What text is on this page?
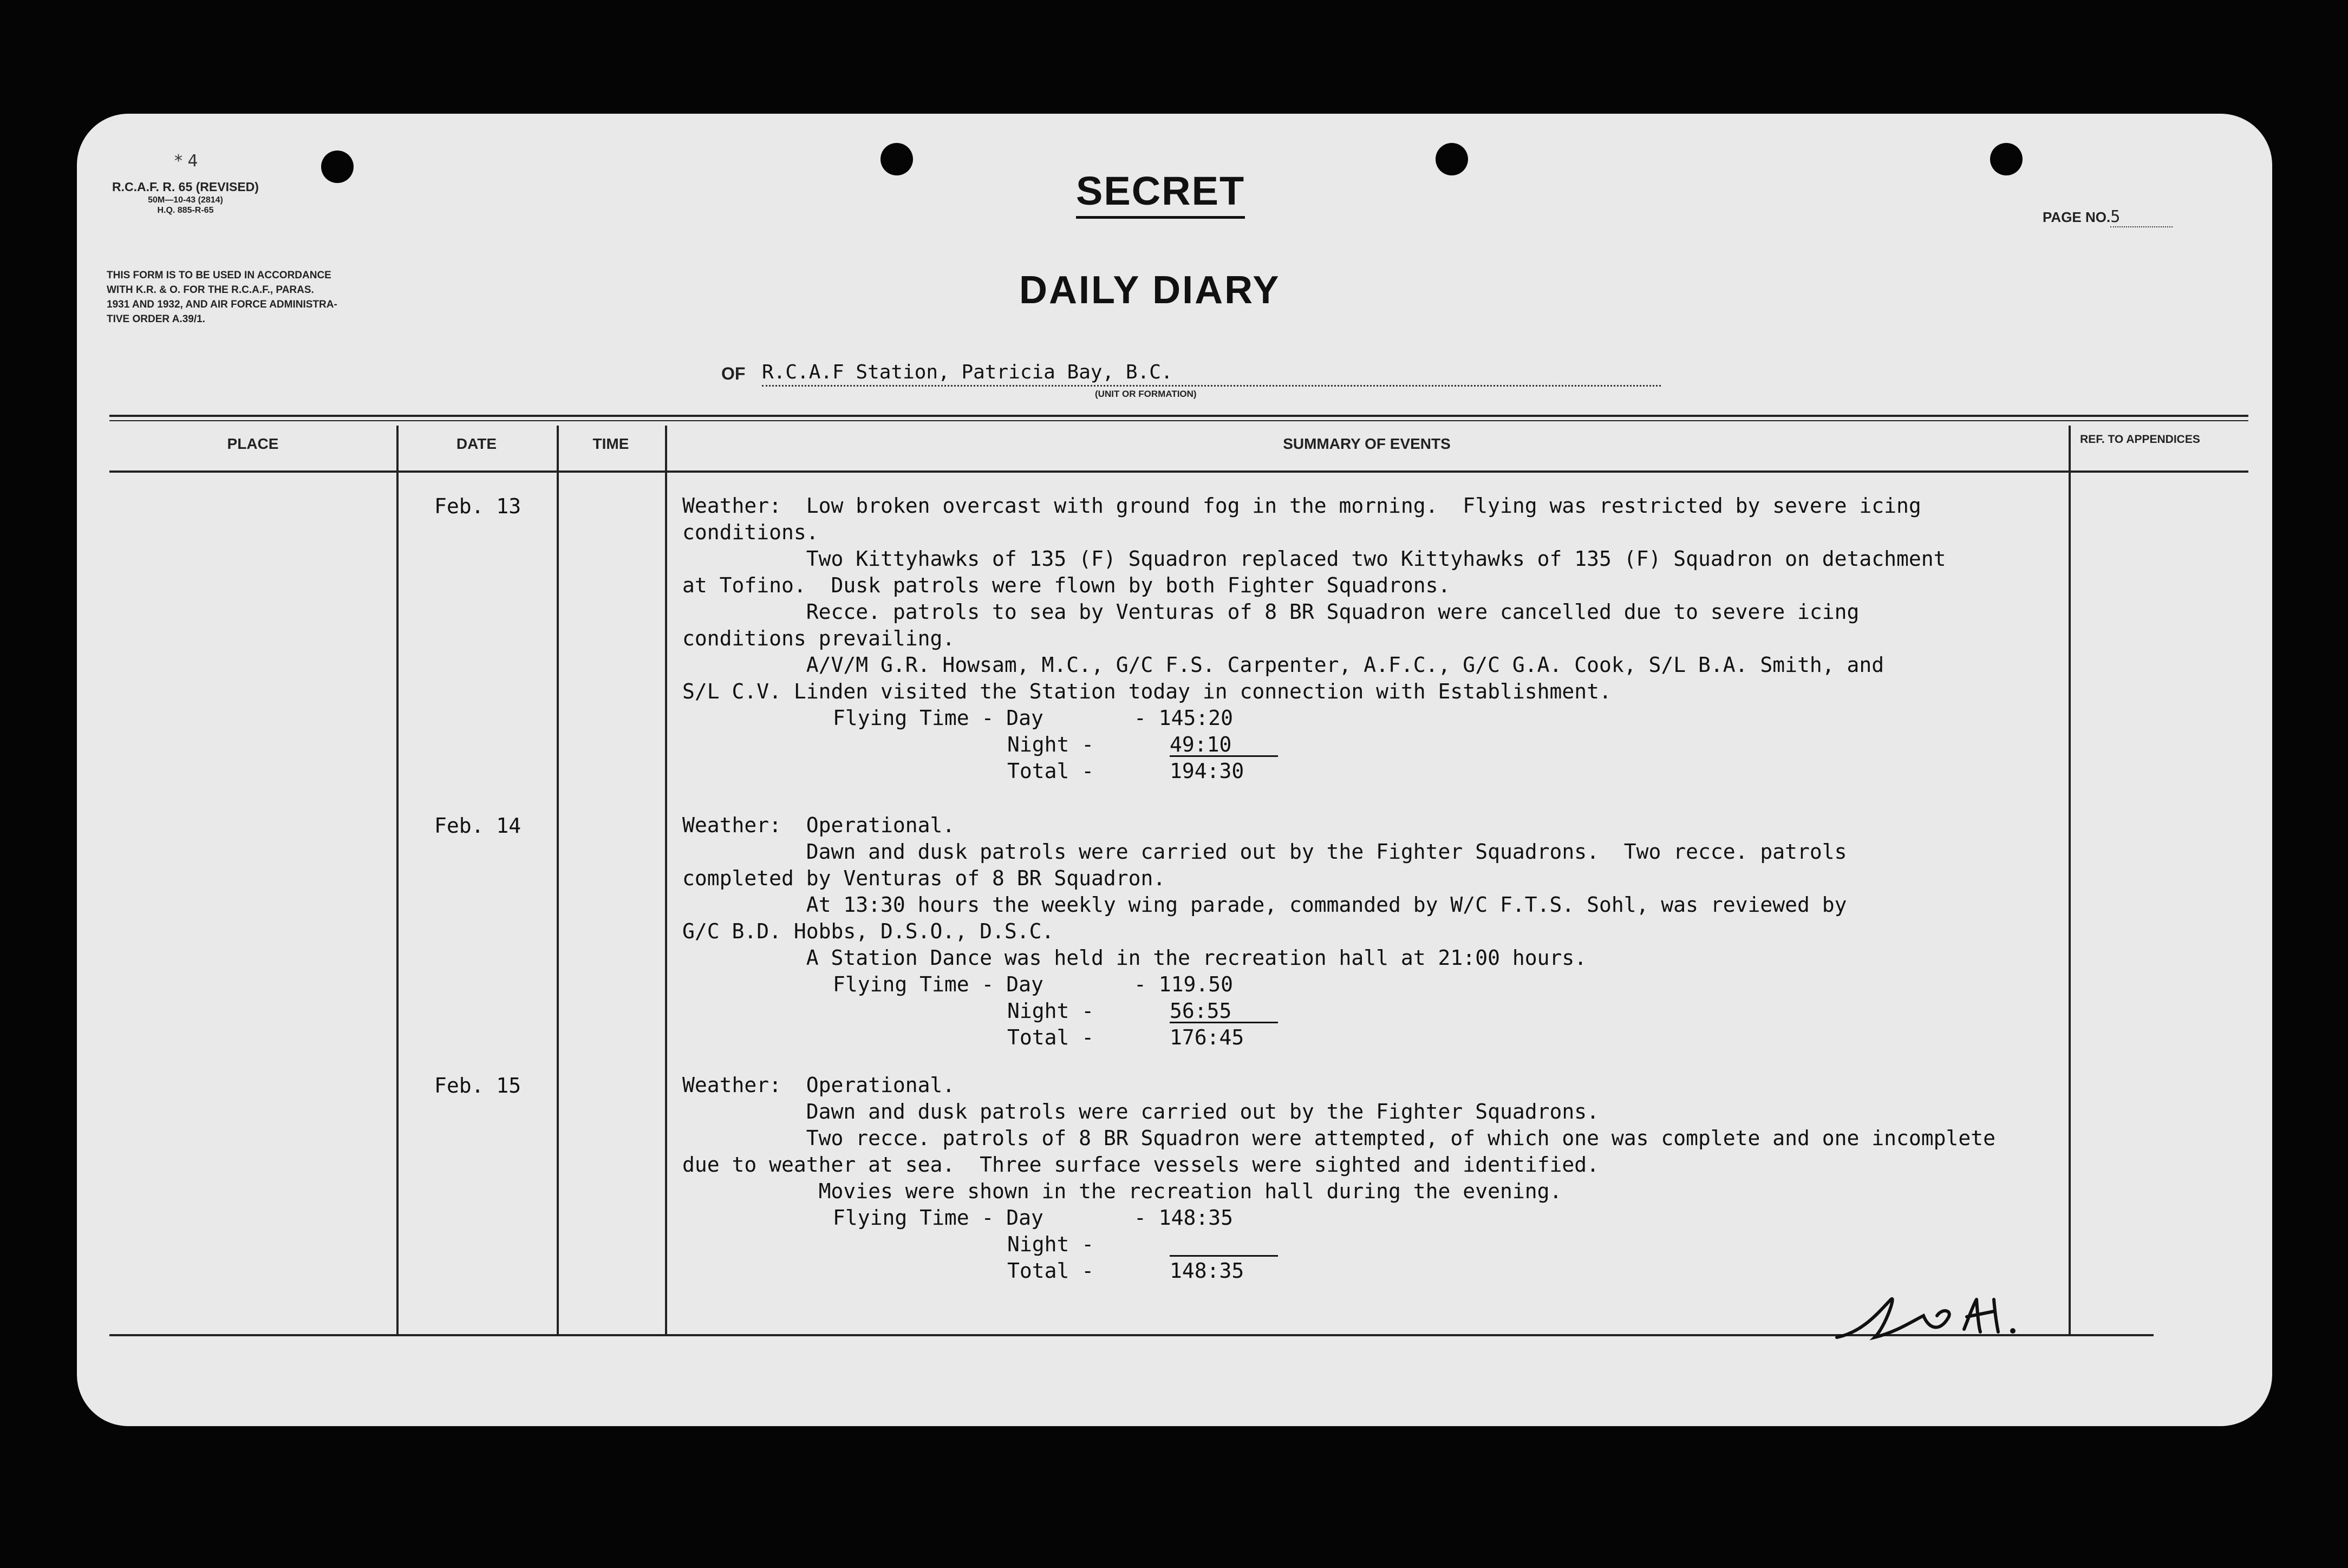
* 4
R.C.A.F. R. 65 (REVISED)
50M—10-43 (2814)
H.Q. 885-R-65	SECRET
PAGE NO.5
THIS FORM IS TO BE USED IN ACCORDANCE
WITH K.R. & O. FOR THE R.C.A.F., PARAS.
1931 AND 1932, AND AIR FORCE ADMINISTRA-
TIVE ORDER A.39/1.
DAILY DIARY
OF R.C.A.F Station, Patricia Bay, B.C.
(UNIT OR FORMATION)
PLACE	DATE	TIME	SUMMARY OF EVENTS	REF. TO APPENDICES
Feb. 13	Weather:  Low broken overcast with ground fog in the morning.  Flying was restricted by severe icing
conditions.
Two Kittyhawks of 135 (F) Squadron replaced two Kittyhawks of 135 (F) Squadron on detachment
at Tofino.  Dusk patrols were flown by both Fighter Squadrons.
Recce. patrols to sea by Venturas of 8 BR Squadron were cancelled due to severe icing
conditions prevailing.
A/V/M G.R. Howsam, M.C., G/C F.S. Carpenter, A.F.C., G/C G.A. Cook, S/L B.A. Smith, and
S/L C.V. Linden visited the Station today in connection with Establishment.
Flying Time - Day	- 145:20
Night -	49:10
Total -	194:30
Feb. 14	Weather:  Operational.
Dawn and dusk patrols were carried out by the Fighter Squadrons.  Two recce. patrols
completed by Venturas of 8 BR Squadron.
At 13:30 hours the weekly wing parade, commanded by W/C F.T.S. Sohl, was reviewed by
G/C B.D. Hobbs, D.S.O., D.S.C.
A Station Dance was held in the recreation hall at 21:00 hours.
Flying Time - Day	- 119.50
Night -	56:55
Total -	176:45
Feb. 15	Weather:  Operational.
Dawn and dusk patrols were carried out by the Fighter Squadrons.
Two recce. patrols of 8 BR Squadron were attempted, of which one was complete and one incomplete
due to weather at sea.  Three surface vessels were sighted and identified.
Movies were shown in the recreation hall during the evening.
Flying Time - Day	- 148:35
Night -
Total -	148:35
